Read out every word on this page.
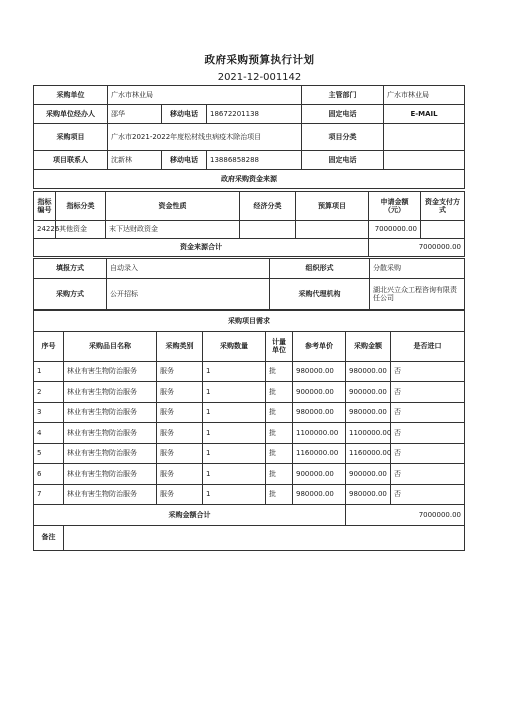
政府采购预算执行计划
2021-12-001142
采购单位	广水市林业局			主管部门	广水市林业局
采购单位经办人	邵华	移动电话	18672201138	固定电话	E-MAIL
采购项目	广水市2021-2022年度松材线虫病疫木除治项目			项目分类	
项目联系人	沈新林	移动电话	13886858288	固定电话	
政府采购资金来源					
指标编号	指标分类	资金性质	经济分类	预算项目	申请金额（元）	资金支付方式
24226	其他资金	末下达财政资金			7000000.00	
资金来源合计					7000000.00	
填报方式	自动录入	组织形式	分散采购
采购方式	公开招标	采购代理机构	湖北兴立众工程咨询有限责任公司
采购项目需求							
序号	采购品目名称	采购类别	采购数量	计量单位	参考单价	采购金额	是否进口
1	林业有害生物防治服务	服务	1	批	980000.00	980000.00	否
2	林业有害生物防治服务	服务	1	批	900000.00	900000.00	否
3	林业有害生物防治服务	服务	1	批	980000.00	980000.00	否
4	林业有害生物防治服务	服务	1	批	1100000.00	1100000.00	否
5	林业有害生物防治服务	服务	1	批	1160000.00	1160000.00	否
6	林业有害生物防治服务	服务	1	批	900000.00	900000.00	否
7	林业有害生物防治服务	服务	1	批	980000.00	980000.00	否
采购金额合计						7000000.00	
备注							
